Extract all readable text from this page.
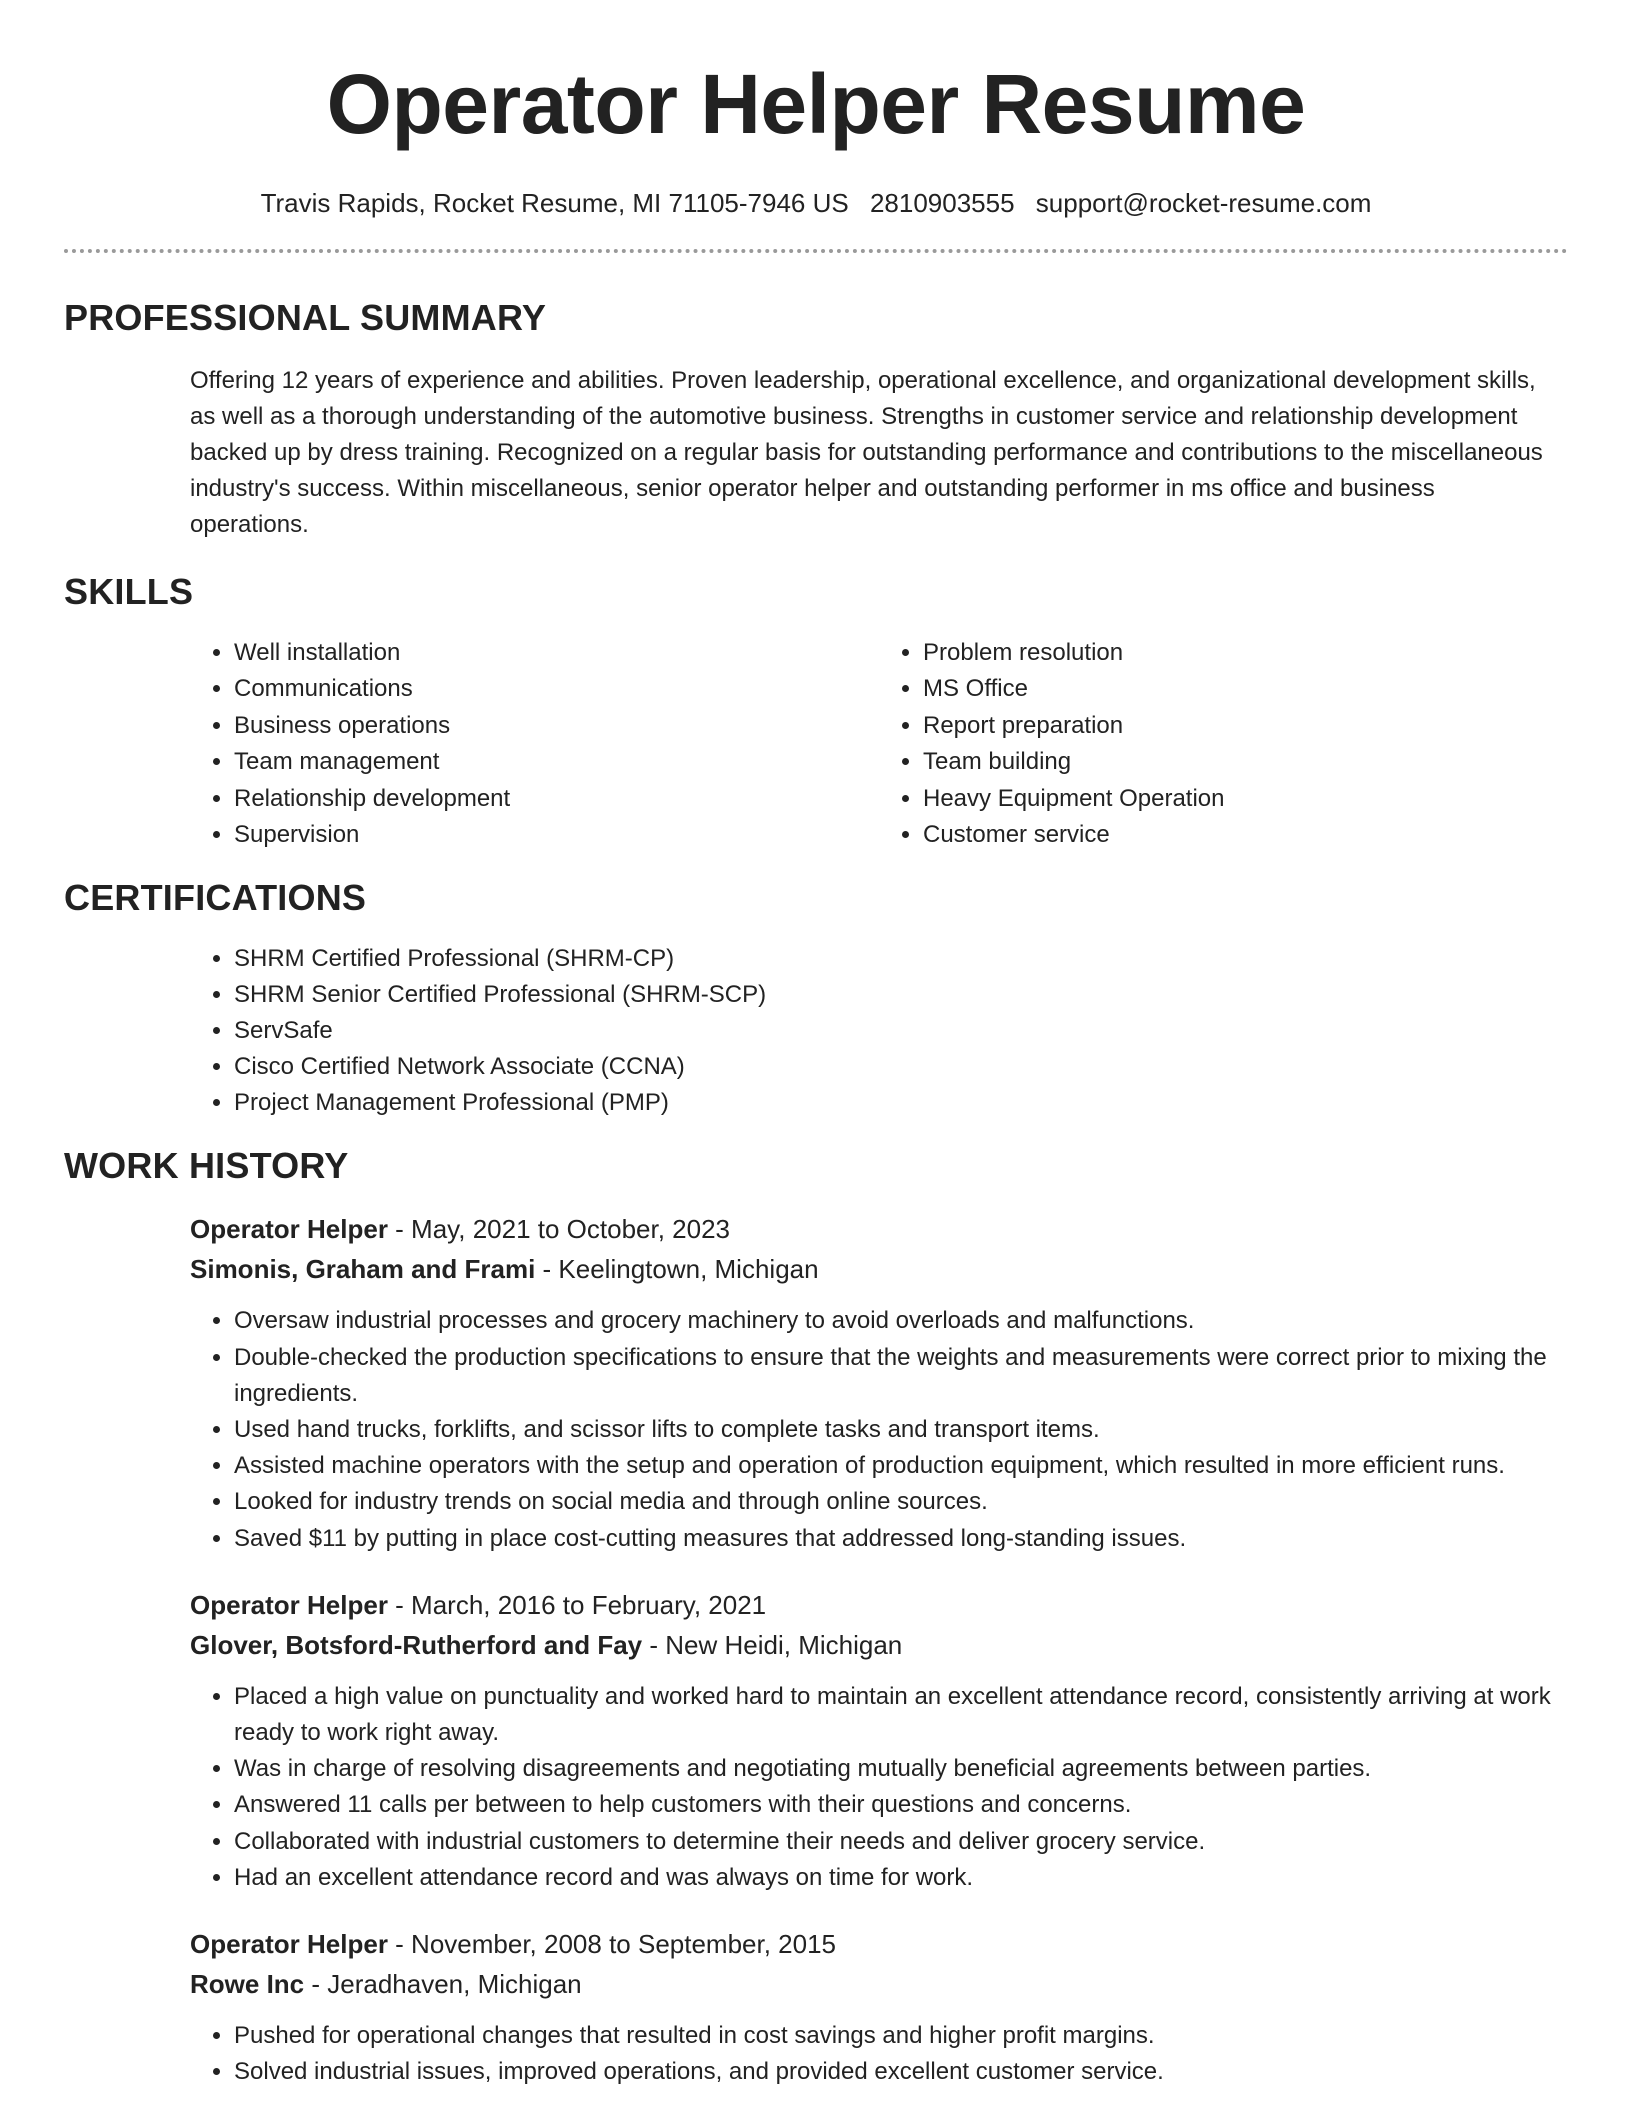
Operator Helper Resume
Travis Rapids, Rocket Resume, MI 71105-7946 US 2810903555 support@rocket-resume.com
PROFESSIONAL SUMMARY

Offering 12 years of experience and abilities. Proven leadership, operational excellence, and organizational development skills, as well as a thorough understanding of the automotive business. Strengths in customer service and relationship development backed up by dress training. Recognized on a regular basis for outstanding performance and contributions to the miscellaneous industry's success. Within miscellaneous, senior operator helper and outstanding performer in ms office and business operations.

SKILLS
• Well installation
• Communications
• Business operations
• Team management
• Relationship development
• Supervision
• Problem resolution
• MS Office
• Report preparation
• Team building
• Heavy Equipment Operation
• Customer service
CERTIFICATIONS
• SHRM Certified Professional (SHRM-CP)
• SHRM Senior Certified Professional (SHRM-SCP)
• ServSafe
• Cisco Certified Network Associate (CCNA)
• Project Management Professional (PMP)
WORK HISTORY
Operator Helper - May, 2021 to October, 2023
Simonis, Graham and Frami - Keelingtown, Michigan
• Oversaw industrial processes and grocery machinery to avoid overloads and malfunctions.
• Double-checked the production specifications to ensure that the weights and measurements were correct prior to mixing the ingredients.
• Used hand trucks, forklifts, and scissor lifts to complete tasks and transport items.
• Assisted machine operators with the setup and operation of production equipment, which resulted in more efficient runs.
• Looked for industry trends on social media and through online sources.
• Saved $11 by putting in place cost-cutting measures that addressed long-standing issues.
Operator Helper - March, 2016 to February, 2021
Glover, Botsford-Rutherford and Fay - New Heidi, Michigan
• Placed a high value on punctuality and worked hard to maintain an excellent attendance record, consistently arriving at work ready to work right away.
• Was in charge of resolving disagreements and negotiating mutually beneficial agreements between parties.
• Answered 11 calls per between to help customers with their questions and concerns.
• Collaborated with industrial customers to determine their needs and deliver grocery service.
• Had an excellent attendance record and was always on time for work.
Operator Helper - November, 2008 to September, 2015
Rowe Inc - Jeradhaven, Michigan
• Pushed for operational changes that resulted in cost savings and higher profit margins.
• Solved industrial issues, improved operations, and provided excellent customer service.
